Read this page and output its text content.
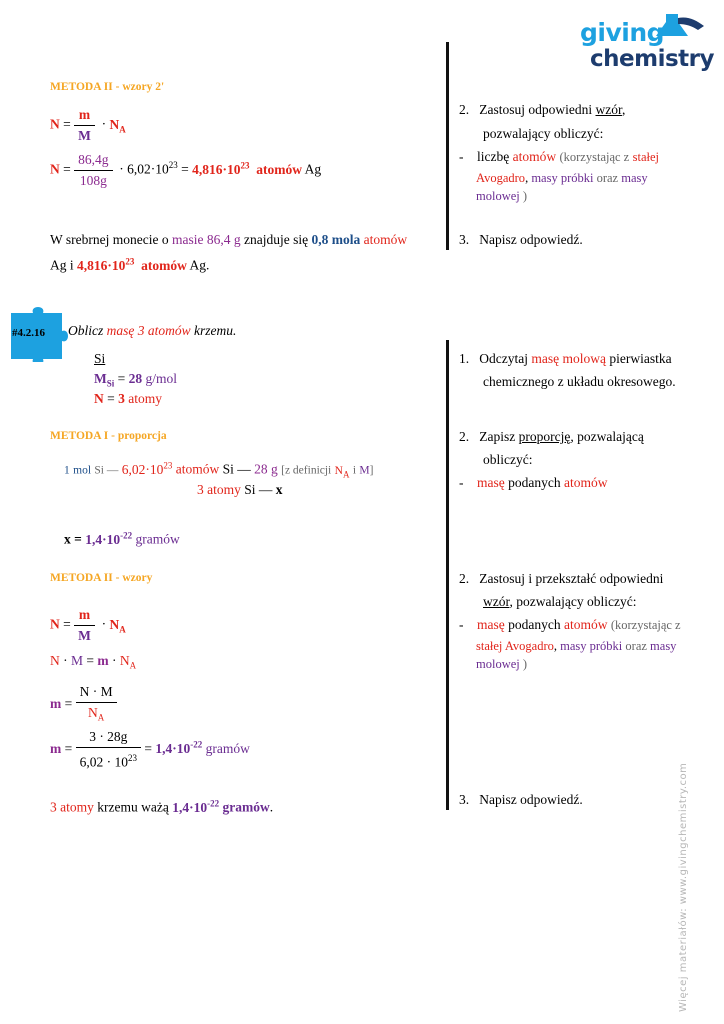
giving
chemistry
METODA II - wzory 2'
$N = \frac{m}{M} \cdot N_A$
$N = \frac{86,4g}{108g} \cdot 6,02\cdot 10^{23} = 4,816\cdot 10^{23}$ atomów Ag
W srebrnej monecie o masie 86,4 g znajduje się 0,8 mola atomów
Ag i $4,816\cdot 10^{23}$ atomów Ag.
2. Zastosuj odpowiedni wzór,
pozwalający obliczyć:
-    liczbę atomów (korzystając z stałej
Avogadro, masy próbki oraz masy
molowej )
3. Napisz odpowiedź.
#4.2.16 Oblicz masę 3 atomów krzemu.
Si
$M_{Si} = 28$ g/mol
N = 3 atomy
METODA I - proporcja
1 mol Si — $6,02\cdot 10^{23}$ atomów Si — 28 g [z definicji $N_A$ i M]
3 atomy Si — x
$x = 1,4\cdot 10^{-22}$ gramów
METODA II - wzory
$N = \frac{m}{M} \cdot N_A$
$N \cdot M = m \cdot N_A$
$m = \frac{N \cdot M}{N_A}$
$m = \frac{3 \cdot 28g}{6,02 \cdot 10^{23}} = 1,4\cdot 10^{-22}$ gramów
3 atomy krzemu ważą $1,4\cdot 10^{-22}$ gramów.
1. Odczytaj masę molową pierwiastka
chemicznego z układu okresowego.
2. Zapisz proporcję, pozwalającą
obliczyć:
-    masę podanych atomów
2. Zastosuj i przekształć odpowiedni
wzór, pozwalający obliczyć:
-    masę podanych atomów (korzystając z
stałej Avogadro, masy próbki oraz masy
molowej )
3. Napisz odpowiedź.	Więcej materiałów: www.givingchemistry.com
